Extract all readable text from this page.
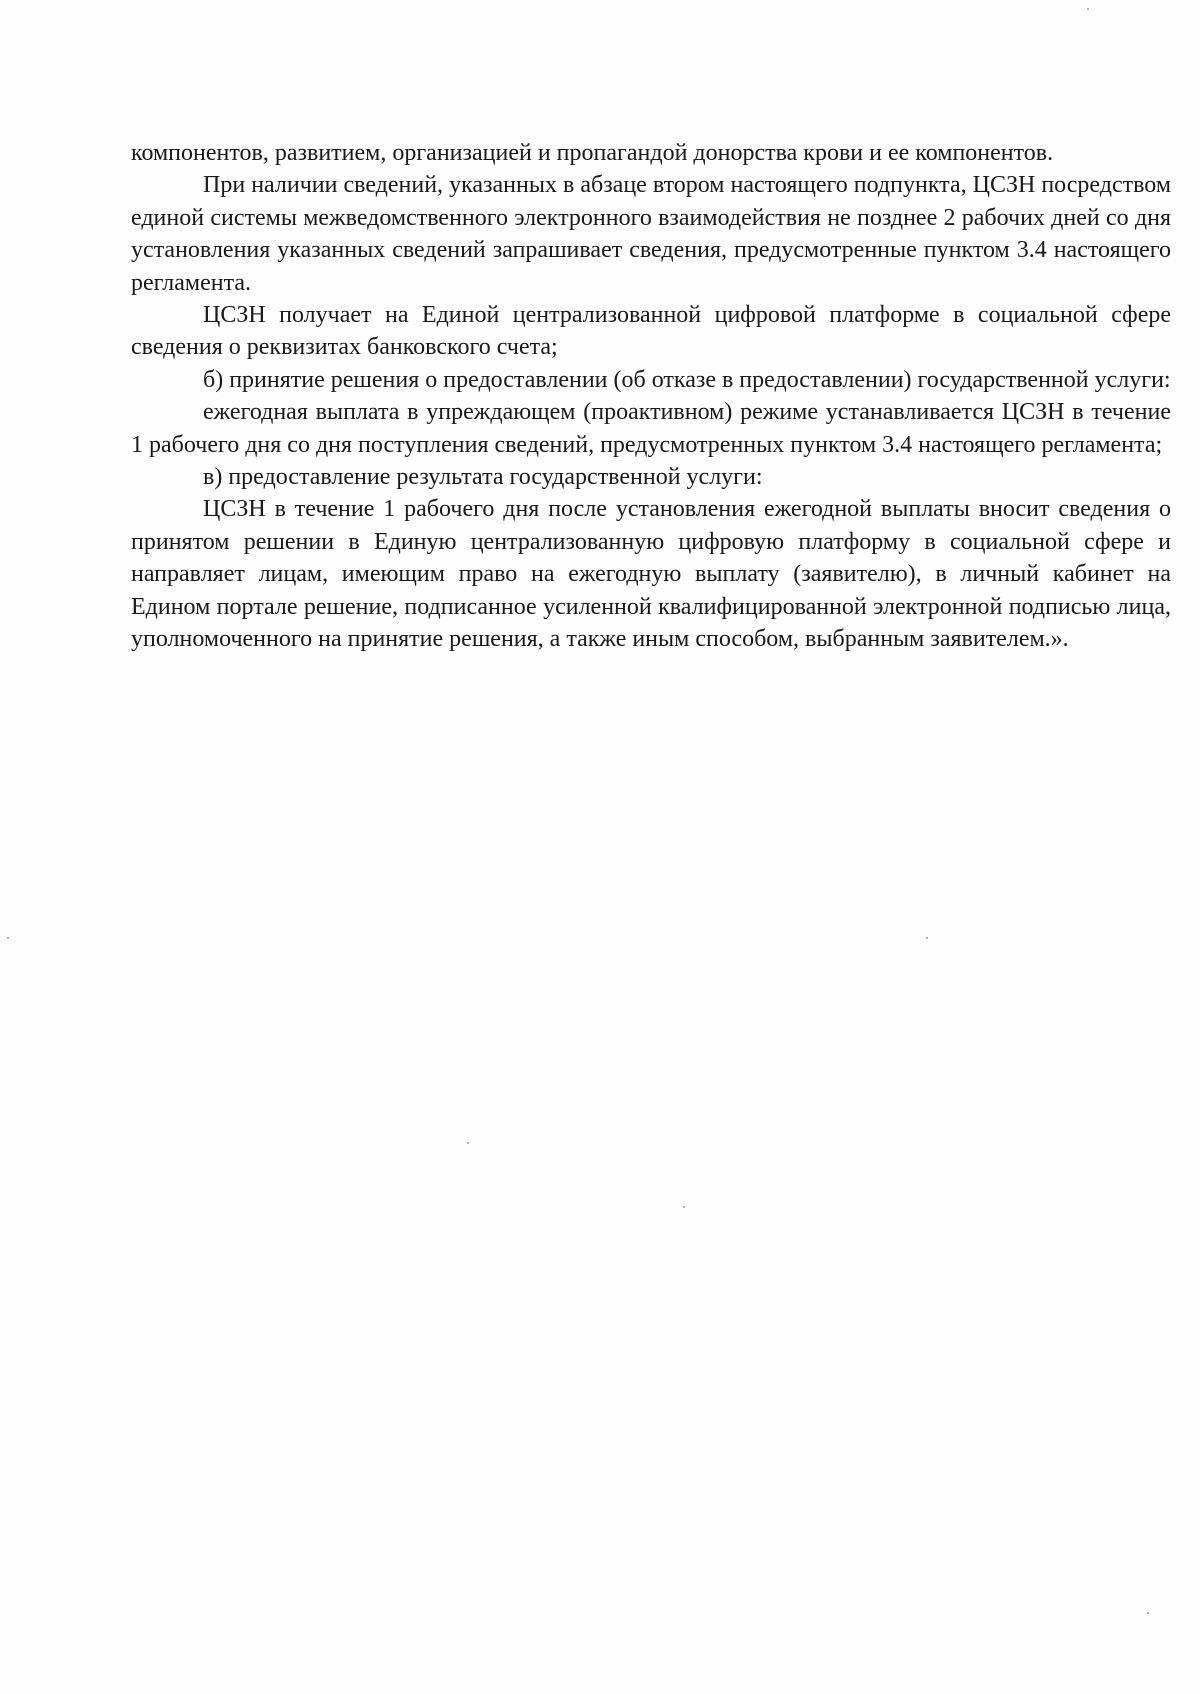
компонентов, развитием, организацией и пропагандой донорства крови и ее компонентов.

При наличии сведений, указанных в абзаце втором настоящего подпункта, ЦСЗН посредством единой системы межведомственного электронного взаимодействия не позднее 2 рабочих дней со дня установления указанных сведений запрашивает сведения, предусмотренные пунктом 3.4 настоящего регламента.

ЦСЗН получает на Единой централизованной цифровой платформе в социальной сфере сведения о реквизитах банковского счета;

б) принятие решения о предоставлении (об отказе в предоставлении) государственной услуги:

ежегодная выплата в упреждающем (проактивном) режиме устанавливается ЦСЗН в течение 1 рабочего дня со дня поступления сведений, предусмотренных пунктом 3.4 настоящего регламента;

в) предоставление результата государственной услуги:

ЦСЗН в течение 1 рабочего дня после установления ежегодной выплаты вносит сведения о принятом решении в Единую централизованную цифровую платформу в социальной сфере и направляет лицам, имеющим право на ежегодную выплату (заявителю), в личный кабинет на Едином портале решение, подписанное усиленной квалифицированной электронной подписью лица, уполномоченного на принятие решения, а также иным способом, выбранным заявителем.».
